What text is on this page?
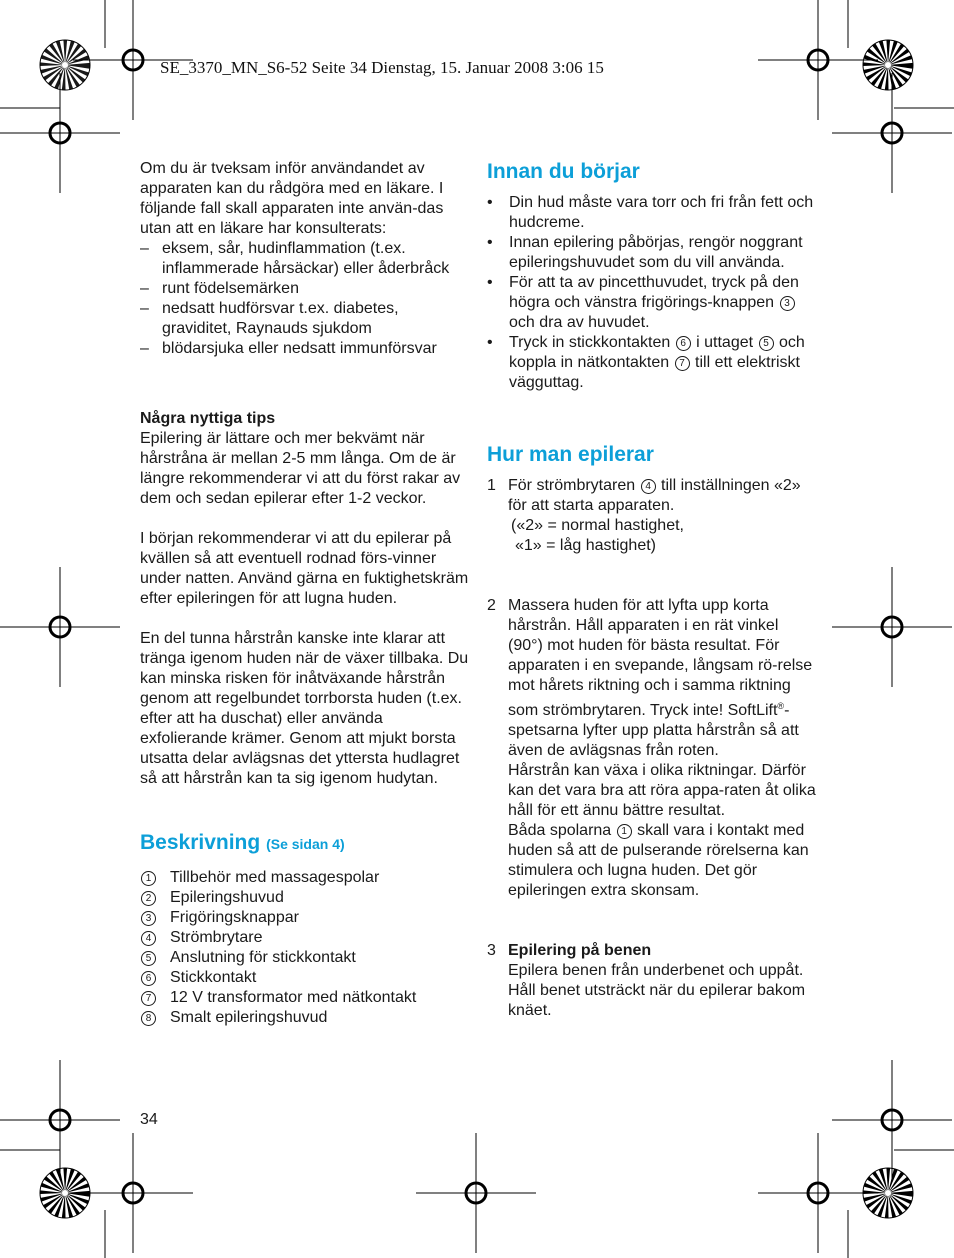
SE_3370_MN_S6-52 Seite 34 Dienstag, 15. Januar 2008 3:06 15

Om du är tveksam inför användandet av apparaten kan du rådgöra med en läkare. I följande fall skall apparaten inte använ-das utan att en läkare har konsulterats:

– eksem, sår, hudinflammation (t.ex. inflammerade hårsäckar) eller åderbråck
– runt födelsemärken
– nedsatt hudförsvar t.ex. diabetes, graviditet, Raynauds sjukdom
– blödarsjuka eller nedsatt immunförsvar

Några nyttiga tips

Epilering är lättare och mer bekvämt när hårstråna är mellan 2-5 mm långa. Om de är längre rekommenderar vi att du först rakar av dem och sedan epilerar efter 1-2 veckor.

I början rekommenderar vi att du epilerar på kvällen så att eventuell rodnad förs-vinner under natten. Använd gärna en fuktighetskräm efter epileringen för att lugna huden.

En del tunna hårstrån kanske inte klarar att tränga igenom huden när de växer tillbaka. Du kan minska risken för inåtväxande hårstrån genom att regelbundet torrborsta huden (t.ex. efter att ha duschat) eller använda exfolierande krämer. Genom att mjukt borsta utsatta delar avlägsnas det yttersta hudlagret så att hårstrån kan ta sig igenom hudytan.

Beskrivning (Se sidan 4)
1 Tillbehör med massagespolar
2 Epileringshuvud
3 Frigöringsknappar
4 Strömbrytare
5 Anslutning för stickkontakt
6 Stickkontakt
7 12 V transformator med nätkontakt
8 Smalt epileringshuvud
34
Innan du börjar
• Din hud måste vara torr och fri från fett och hudcreme.
• Innan epilering påbörjas, rengör noggrant epileringshuvudet som du vill använda.
• För att ta av pincetthuvudet, tryck på den högra och vänstra frigörings-knappen 3 och dra av huvudet.
• Tryck in stickkontakten 6 i uttaget 5 och koppla in nätkontakten 7 till ett elektriskt vägguttag.
Hur man epilerar
1 För strömbrytaren 4 till inställningen «2» för att starta apparaten.
(«2» = normal hastighet,
«1» = låg hastighet)
2 Massera huden för att lyfta upp korta hårstrån. Håll apparaten i en rät vinkel (90°) mot huden för bästa resultat. För apparaten i en svepande, långsam rö-relse mot hårets riktning och i samma riktning som strömbrytaren. Tryck inte! SoftLift®-spetsarna lyfter upp platta hårstrån så att även de avlägsnas från roten.
Hårstrån kan växa i olika riktningar. Därför kan det vara bra att röra appa-raten åt olika håll för ett ännu bättre resultat.
Båda spolarna 1 skall vara i kontakt med huden så att de pulserande rörelserna kan stimulera och lugna huden. Det gör epileringen extra skonsam.
3 Epilering på benen
Epilera benen från underbenet och uppåt. Håll benet utsträckt när du epilerar bakom knäet.
